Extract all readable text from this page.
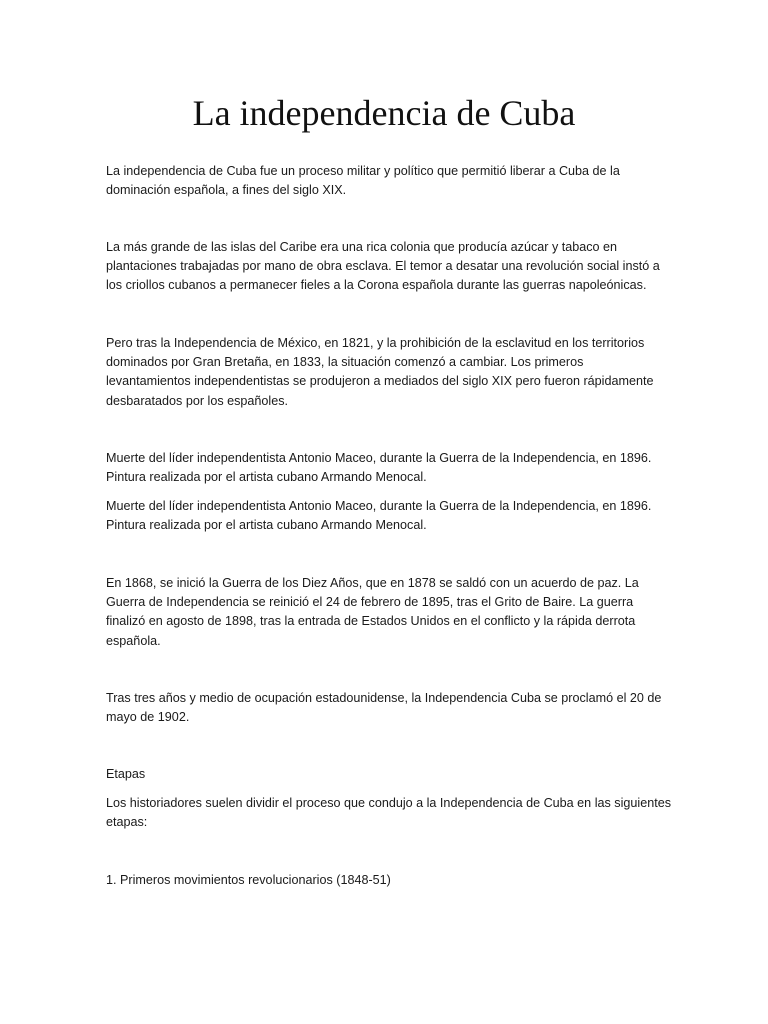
La independencia de Cuba

La independencia de Cuba fue un proceso militar y político que permitió liberar a Cuba de la dominación española, a fines del siglo XIX.

La más grande de las islas del Caribe era una rica colonia que producía azúcar y tabaco en plantaciones trabajadas por mano de obra esclava. El temor a desatar una revolución social instó a los criollos cubanos a permanecer fieles a la Corona española durante las guerras napoleónicas.

Pero tras la Independencia de México, en 1821, y la prohibición de la esclavitud en los territorios dominados por Gran Bretaña, en 1833, la situación comenzó a cambiar. Los primeros levantamientos independentistas se produjeron a mediados del siglo XIX pero fueron rápidamente desbaratados por los españoles.

Muerte del líder independentista Antonio Maceo, durante la Guerra de la Independencia, en 1896. Pintura realizada por el artista cubano Armando Menocal.

Muerte del líder independentista Antonio Maceo, durante la Guerra de la Independencia, en 1896. Pintura realizada por el artista cubano Armando Menocal.

En 1868, se inició la Guerra de los Diez Años, que en 1878 se saldó con un acuerdo de paz. La Guerra de Independencia se reinició el 24 de febrero de 1895, tras el Grito de Baire. La guerra finalizó en agosto de 1898, tras la entrada de Estados Unidos en el conflicto y la rápida derrota española.

Tras tres años y medio de ocupación estadounidense, la Independencia Cuba se proclamó el 20 de mayo de 1902.

Etapas

Los historiadores suelen dividir el proceso que condujo a la Independencia de Cuba en las siguientes etapas:

1. Primeros movimientos revolucionarios (1848-51)
